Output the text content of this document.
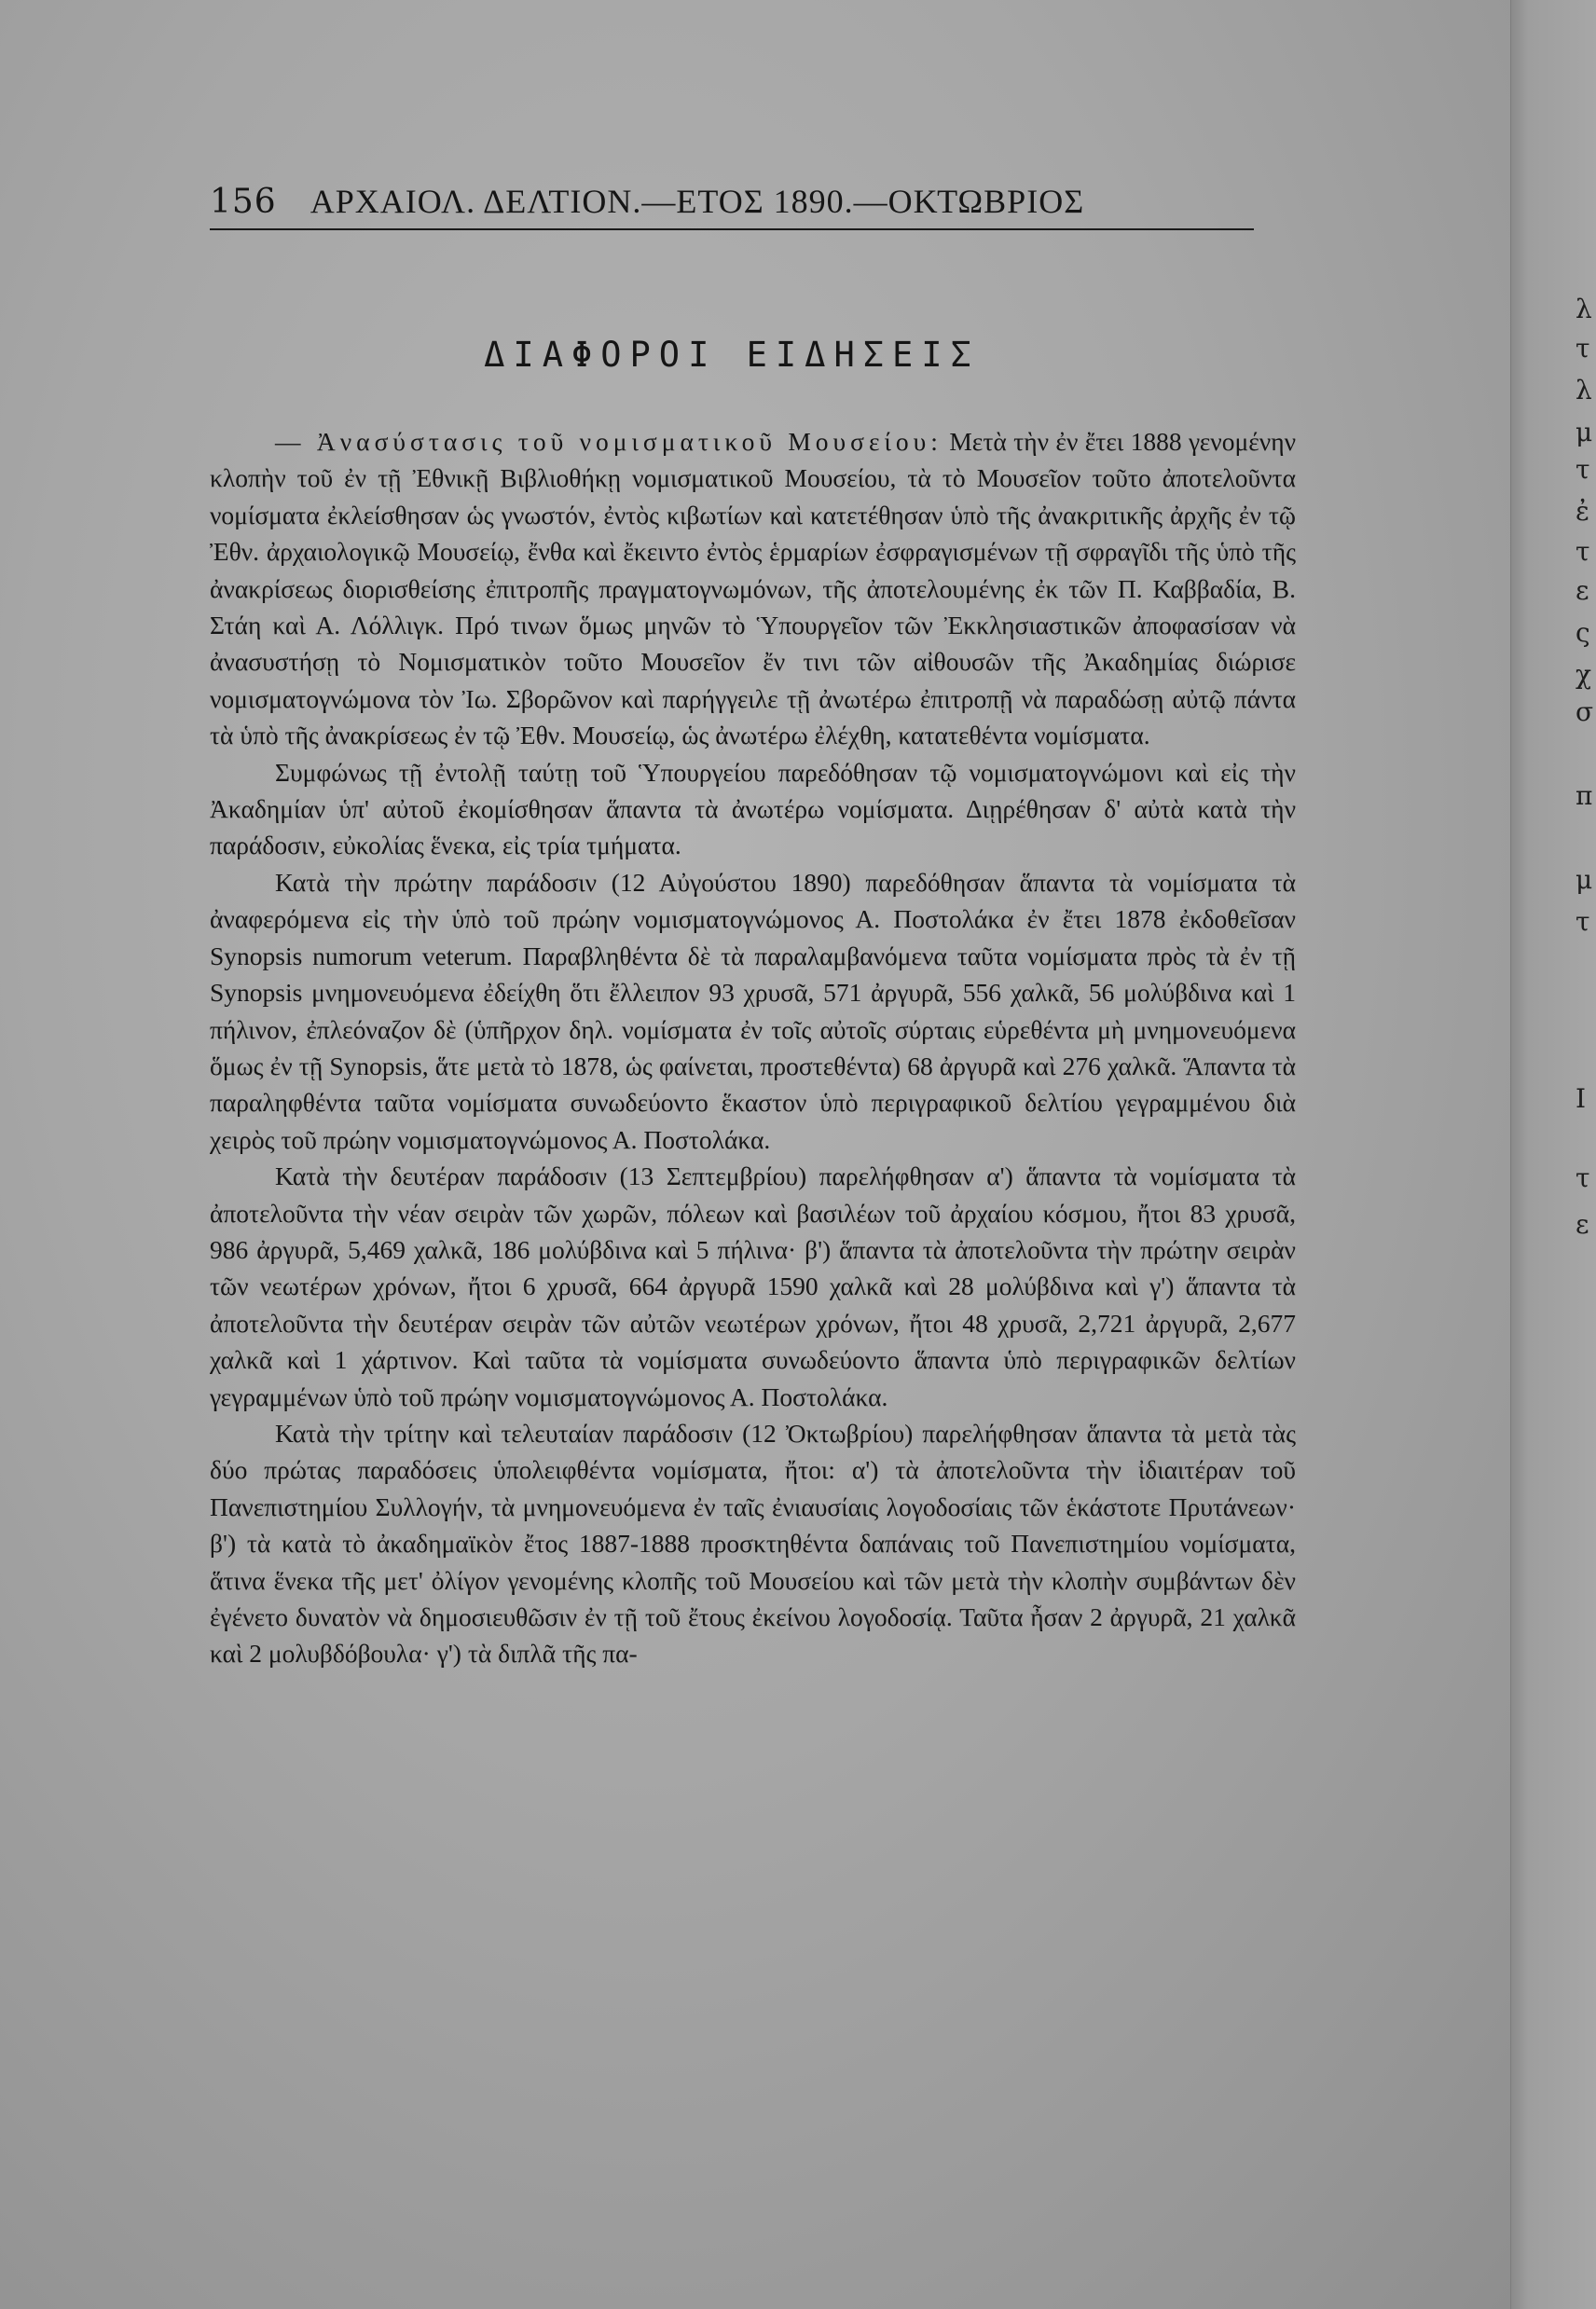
λ
τ
λ
μ
τ
ἐ
τ
ε
ς
χ
σ
π
μ
τ
Ι
τ
ε
156 ΑΡΧΑΙΟΛ. ΔΕΛΤΙΟΝ.—ΕΤΟΣ 1890.—ΟΚΤΩΒΡΙΟΣ
ΔΙΑΦΟΡΟΙ ΕΙΔΗΣΕΙΣ

— Ἀνασύστασις τοῦ νομισματικοῦ Μουσείου: Μετὰ τὴν ἐν ἔτει 1888 γενομένην κλοπὴν τοῦ ἐν τῇ Ἐθνικῇ Βιβλιοθήκῃ νομισματικοῦ Μουσείου, τὰ τὸ Μουσεῖον τοῦτο ἀποτελοῦντα νομίσματα ἐκλείσθησαν ὡς γνωστόν, ἐντὸς κιβωτίων καὶ κατετέθησαν ὑπὸ τῆς ἀνακριτικῆς ἀρχῆς ἐν τῷ Ἐθν. ἀρχαιολογικῷ Μουσείῳ, ἔνθα καὶ ἔκειντο ἐντὸς ἑρμαρίων ἐσφραγισμένων τῇ σφραγῖδι τῆς ὑπὸ τῆς ἀνακρίσεως διορισθείσης ἐπιτροπῆς πραγματογνωμόνων, τῆς ἀποτελουμένης ἐκ τῶν Π. Καββαδία, Β. Στάη καὶ Α. Λόλλιγκ. Πρό τινων ὅμως μηνῶν τὸ Ὑπουργεῖον τῶν Ἐκκλησιαστικῶν ἀποφασίσαν νὰ ἀνασυστήσῃ τὸ Νομισματικὸν τοῦτο Μουσεῖον ἔν τινι τῶν αἰθουσῶν τῆς Ἀκαδημίας διώρισε νομισματογνώμονα τὸν Ἰω. Σβορῶνον καὶ παρήγγειλε τῇ ἀνωτέρω ἐπιτροπῇ νὰ παραδώσῃ αὐτῷ πάντα τὰ ὑπὸ τῆς ἀνακρίσεως ἐν τῷ Ἐθν. Μουσείῳ, ὡς ἀνωτέρω ἐλέχθη, κατατεθέντα νομίσματα.

Συμφώνως τῇ ἐντολῇ ταύτῃ τοῦ Ὑπουργείου παρεδόθησαν τῷ νομισματογνώμονι καὶ εἰς τὴν Ἀκαδημίαν ὑπ' αὐτοῦ ἐκομίσθησαν ἅπαντα τὰ ἀνωτέρω νομίσματα. Διῃρέθησαν δ' αὐτὰ κατὰ τὴν παράδοσιν, εὐκολίας ἕνεκα, εἰς τρία τμήματα.

Κατὰ τὴν πρώτην παράδοσιν (12 Αὐγούστου 1890) παρεδόθησαν ἅπαντα τὰ νομίσματα τὰ ἀναφερόμενα εἰς τὴν ὑπὸ τοῦ πρώην νομισματογνώμονος Α. Ποστολάκα ἐν ἔτει 1878 ἐκδοθεῖσαν Synopsis numorum veterum. Παραβληθέντα δὲ τὰ παραλαμβανόμενα ταῦτα νομίσματα πρὸς τὰ ἐν τῇ Synopsis μνημονευόμενα ἐδείχθη ὅτι ἔλλειπον 93 χρυσᾶ, 571 ἀργυρᾶ, 556 χαλκᾶ, 56 μολύβδινα καὶ 1 πήλινον, ἐπλεόναζον δὲ (ὑπῆρχον δηλ. νομίσματα ἐν τοῖς αὐτοῖς σύρταις εὑρεθέντα μὴ μνημονευόμενα ὅμως ἐν τῇ Synopsis, ἅτε μετὰ τὸ 1878, ὡς φαίνεται, προστεθέντα) 68 ἀργυρᾶ καὶ 276 χαλκᾶ. Ἅπαντα τὰ παραληφθέντα ταῦτα νομίσματα συνωδεύοντο ἕκαστον ὑπὸ περιγραφικοῦ δελτίου γεγραμμένου διὰ χειρὸς τοῦ πρώην νομισματογνώμονος Α. Ποστολάκα.

Κατὰ τὴν δευτέραν παράδοσιν (13 Σεπτεμβρίου) παρελήφθησαν α') ἅπαντα τὰ νομίσματα τὰ ἀποτελοῦντα τὴν νέαν σειρὰν τῶν χωρῶν, πόλεων καὶ βασιλέων τοῦ ἀρχαίου κόσμου, ἤτοι 83 χρυσᾶ, 986 ἀργυρᾶ, 5,469 χαλκᾶ, 186 μολύβδινα καὶ 5 πήλινα· β') ἅπαντα τὰ ἀποτελοῦντα τὴν πρώτην σειρὰν τῶν νεωτέρων χρόνων, ἤτοι 6 χρυσᾶ, 664 ἀργυρᾶ 1590 χαλκᾶ καὶ 28 μολύβδινα καὶ γ') ἅπαντα τὰ ἀποτελοῦντα τὴν δευτέραν σειρὰν τῶν αὐτῶν νεωτέρων χρόνων, ἤτοι 48 χρυσᾶ, 2,721 ἀργυρᾶ, 2,677 χαλκᾶ καὶ 1 χάρτινον. Καὶ ταῦτα τὰ νομίσματα συνωδεύοντο ἅπαντα ὑπὸ περιγραφικῶν δελτίων γεγραμμένων ὑπὸ τοῦ πρώην νομισματογνώμονος Α. Ποστολάκα.

Κατὰ τὴν τρίτην καὶ τελευταίαν παράδοσιν (12 Ὀκτωβρίου) παρελήφθησαν ἅπαντα τὰ μετὰ τὰς δύο πρώτας παραδόσεις ὑπολειφθέντα νομίσματα, ἤτοι: α') τὰ ἀποτελοῦντα τὴν ἰδιαιτέραν τοῦ Πανεπιστημίου Συλλογήν, τὰ μνημονευόμενα ἐν ταῖς ἐνιαυσίαις λογοδοσίαις τῶν ἑκάστοτε Πρυτάνεων· β') τὰ κατὰ τὸ ἀκαδημαϊκὸν ἔτος 1887-1888 προσκτηθέντα δαπάναις τοῦ Πανεπιστημίου νομίσματα, ἅτινα ἕνεκα τῆς μετ' ὀλίγον γενομένης κλοπῆς τοῦ Μουσείου καὶ τῶν μετὰ τὴν κλοπὴν συμβάντων δὲν ἐγένετο δυνατὸν νὰ δημοσιευθῶσιν ἐν τῇ τοῦ ἔτους ἐκείνου λογοδοσίᾳ. Ταῦτα ἦσαν 2 ἀργυρᾶ, 21 χαλκᾶ καὶ 2 μολυβδόβουλα· γ') τὰ διπλᾶ τῆς πα-
